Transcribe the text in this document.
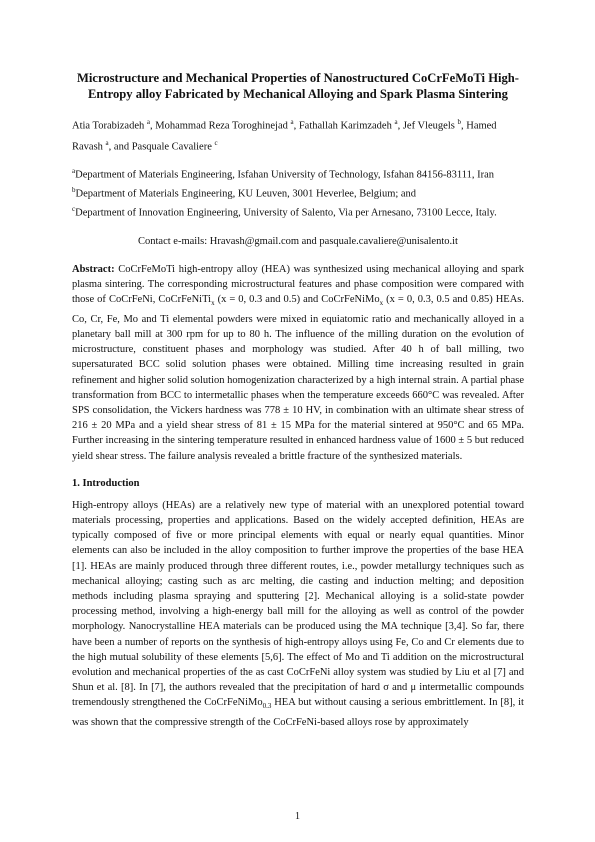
Microstructure and Mechanical Properties of Nanostructured CoCrFeMoTi High-Entropy alloy Fabricated by Mechanical Alloying and Spark Plasma Sintering

Atia Torabizadeh $^a$, Mohammad Reza Toroghinejad $^a$, Fathallah Karimzadeh $^a$, Jef Vleugels $^b$, Hamed Ravash $^a$, and Pasquale Cavaliere $^c$

$^a$Department of Materials Engineering, Isfahan University of Technology, Isfahan 84156-83111, Iran

$^b$Department of Materials Engineering, KU Leuven, 3001 Heverlee, Belgium; and

$^c$Department of Innovation Engineering, University of Salento, Via per Arnesano, 73100 Lecce, Italy.

Contact e-mails: Hravash@gmail.com and pasquale.cavaliere@unisalento.it

Abstract: CoCrFeMoTi high-entropy alloy (HEA) was synthesized using mechanical alloying and spark plasma sintering. The corresponding microstructural features and phase composition were compared with those of CoCrFeNi, CoCrFeNiTi$_x$ (x = 0, 0.3 and 0.5) and CoCrFeNiMo$_x$ (x = 0, 0.3, 0.5 and 0.85) HEAs. Co, Cr, Fe, Mo and Ti elemental powders were mixed in equiatomic ratio and mechanically alloyed in a planetary ball mill at 300 rpm for up to 80 h. The influence of the milling duration on the evolution of microstructure, constituent phases and morphology was studied. After 40 h of ball milling, two supersaturated BCC solid solution phases were obtained. Milling time increasing resulted in grain refinement and higher solid solution homogenization characterized by a high internal strain. A partial phase transformation from BCC to intermetallic phases when the temperature exceeds 660°C was revealed. After SPS consolidation, the Vickers hardness was 778 ± 10 HV, in combination with an ultimate shear stress of 216 ± 20 MPa and a yield shear stress of 81 ± 15 MPa for the material sintered at 950°C and 65 MPa. Further increasing in the sintering temperature resulted in enhanced hardness value of 1600 ± 5 but reduced yield shear stress. The failure analysis revealed a brittle fracture of the synthesized materials.

1. Introduction

High-entropy alloys (HEAs) are a relatively new type of material with an unexplored potential toward materials processing, properties and applications. Based on the widely accepted definition, HEAs are typically composed of five or more principal elements with equal or nearly equal quantities. Minor elements can also be included in the alloy composition to further improve the properties of the base HEA [1]. HEAs are mainly produced through three different routes, i.e., powder metallurgy techniques such as mechanical alloying; casting such as arc melting, die casting and induction melting; and deposition methods including plasma spraying and sputtering [2]. Mechanical alloying is a solid-state powder processing method, involving a high-energy ball mill for the alloying as well as control of the powder morphology. Nanocrystalline HEA materials can be produced using the MA technique [3,4]. So far, there have been a number of reports on the synthesis of high-entropy alloys using Fe, Co and Cr elements due to the high mutual solubility of these elements [5,6]. The effect of Mo and Ti addition on the microstructural evolution and mechanical properties of the as cast CoCrFeNi alloy system was studied by Liu et al [7] and Shun et al. [8]. In [7], the authors revealed that the precipitation of hard σ and μ intermetallic compounds tremendously strengthened the CoCrFeNiMo$_{0.3}$ HEA but without causing a serious embrittlement. In [8], it was shown that the compressive strength of the CoCrFeNi-based alloys rose by approximately

1
